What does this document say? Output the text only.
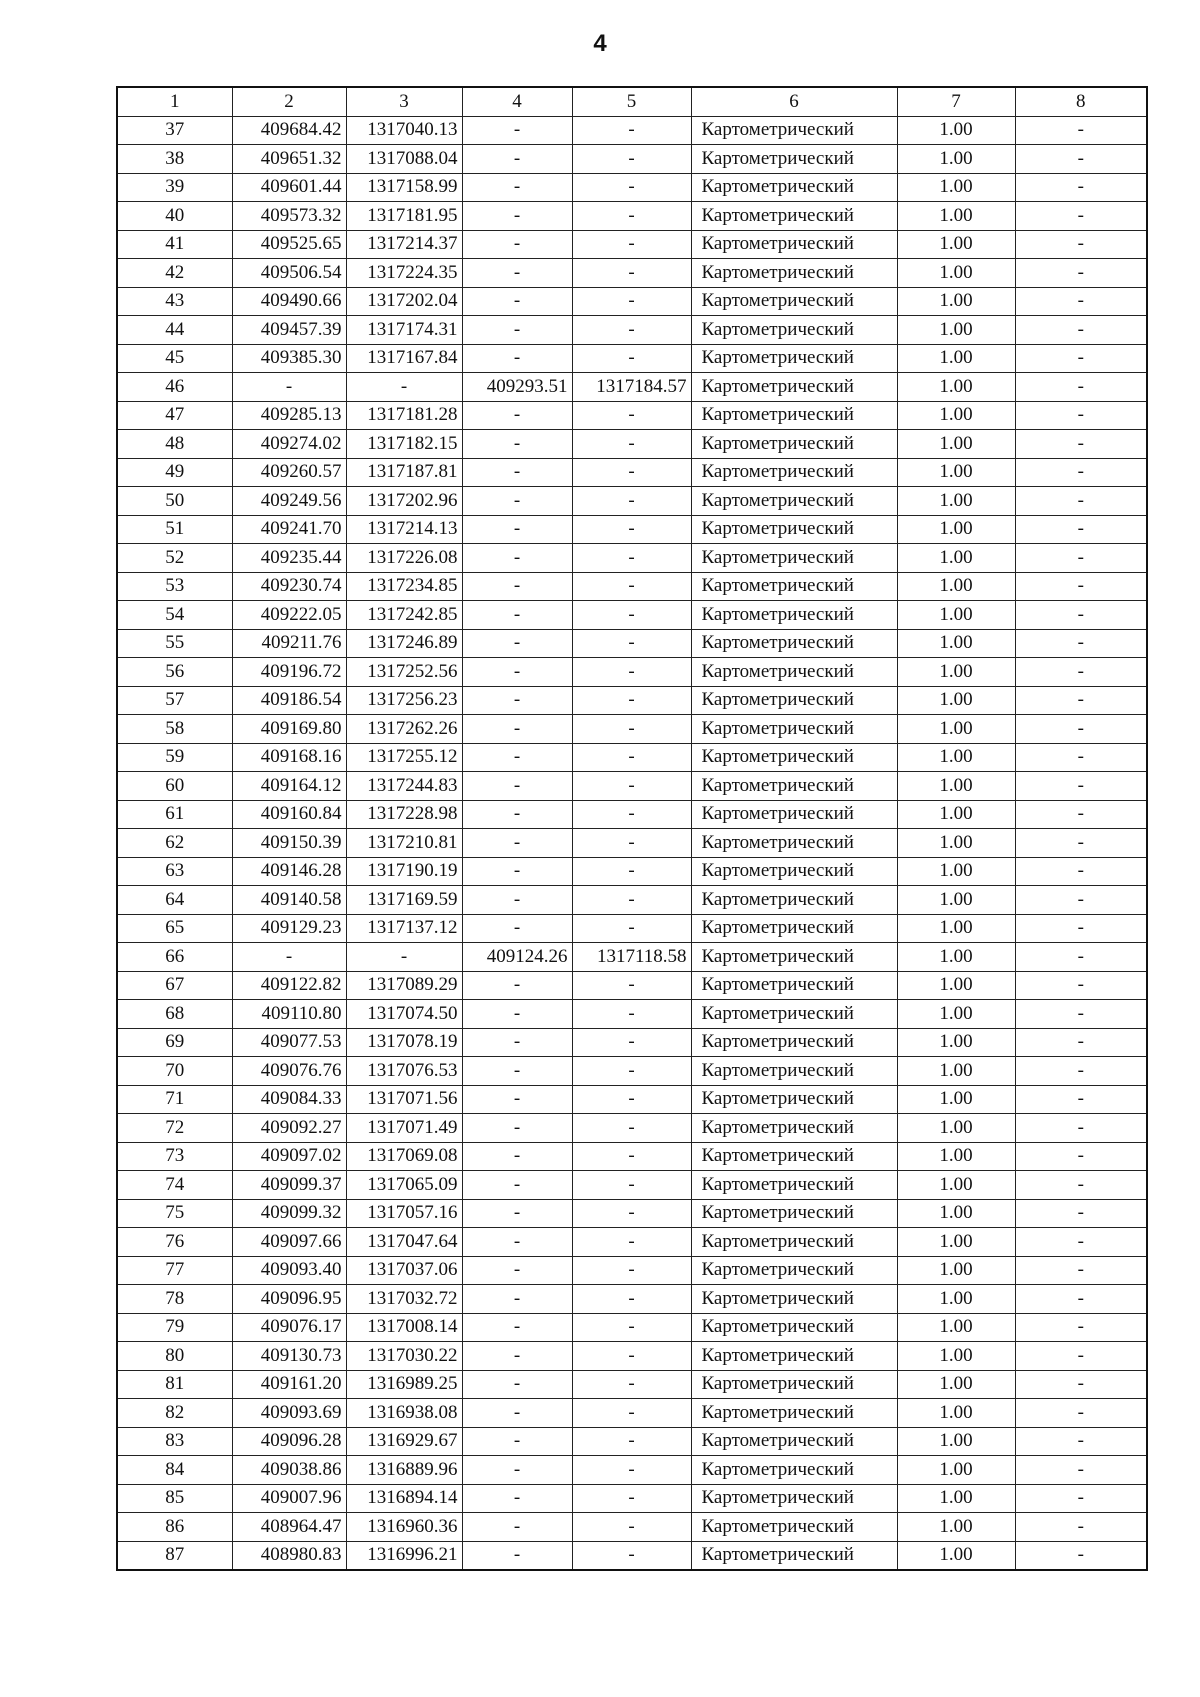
4
1	2	3	4	5	6	7	8
37	409684.42	1317040.13	-	-	Картометрический	1.00	-
38	409651.32	1317088.04	-	-	Картометрический	1.00	-
39	409601.44	1317158.99	-	-	Картометрический	1.00	-
40	409573.32	1317181.95	-	-	Картометрический	1.00	-
41	409525.65	1317214.37	-	-	Картометрический	1.00	-
42	409506.54	1317224.35	-	-	Картометрический	1.00	-
43	409490.66	1317202.04	-	-	Картометрический	1.00	-
44	409457.39	1317174.31	-	-	Картометрический	1.00	-
45	409385.30	1317167.84	-	-	Картометрический	1.00	-
46	-	-	409293.51	1317184.57	Картометрический	1.00	-
47	409285.13	1317181.28	-	-	Картометрический	1.00	-
48	409274.02	1317182.15	-	-	Картометрический	1.00	-
49	409260.57	1317187.81	-	-	Картометрический	1.00	-
50	409249.56	1317202.96	-	-	Картометрический	1.00	-
51	409241.70	1317214.13	-	-	Картометрический	1.00	-
52	409235.44	1317226.08	-	-	Картометрический	1.00	-
53	409230.74	1317234.85	-	-	Картометрический	1.00	-
54	409222.05	1317242.85	-	-	Картометрический	1.00	-
55	409211.76	1317246.89	-	-	Картометрический	1.00	-
56	409196.72	1317252.56	-	-	Картометрический	1.00	-
57	409186.54	1317256.23	-	-	Картометрический	1.00	-
58	409169.80	1317262.26	-	-	Картометрический	1.00	-
59	409168.16	1317255.12	-	-	Картометрический	1.00	-
60	409164.12	1317244.83	-	-	Картометрический	1.00	-
61	409160.84	1317228.98	-	-	Картометрический	1.00	-
62	409150.39	1317210.81	-	-	Картометрический	1.00	-
63	409146.28	1317190.19	-	-	Картометрический	1.00	-
64	409140.58	1317169.59	-	-	Картометрический	1.00	-
65	409129.23	1317137.12	-	-	Картометрический	1.00	-
66	-	-	409124.26	1317118.58	Картометрический	1.00	-
67	409122.82	1317089.29	-	-	Картометрический	1.00	-
68	409110.80	1317074.50	-	-	Картометрический	1.00	-
69	409077.53	1317078.19	-	-	Картометрический	1.00	-
70	409076.76	1317076.53	-	-	Картометрический	1.00	-
71	409084.33	1317071.56	-	-	Картометрический	1.00	-
72	409092.27	1317071.49	-	-	Картометрический	1.00	-
73	409097.02	1317069.08	-	-	Картометрический	1.00	-
74	409099.37	1317065.09	-	-	Картометрический	1.00	-
75	409099.32	1317057.16	-	-	Картометрический	1.00	-
76	409097.66	1317047.64	-	-	Картометрический	1.00	-
77	409093.40	1317037.06	-	-	Картометрический	1.00	-
78	409096.95	1317032.72	-	-	Картометрический	1.00	-
79	409076.17	1317008.14	-	-	Картометрический	1.00	-
80	409130.73	1317030.22	-	-	Картометрический	1.00	-
81	409161.20	1316989.25	-	-	Картометрический	1.00	-
82	409093.69	1316938.08	-	-	Картометрический	1.00	-
83	409096.28	1316929.67	-	-	Картометрический	1.00	-
84	409038.86	1316889.96	-	-	Картометрический	1.00	-
85	409007.96	1316894.14	-	-	Картометрический	1.00	-
86	408964.47	1316960.36	-	-	Картометрический	1.00	-
87	408980.83	1316996.21	-	-	Картометрический	1.00	-
